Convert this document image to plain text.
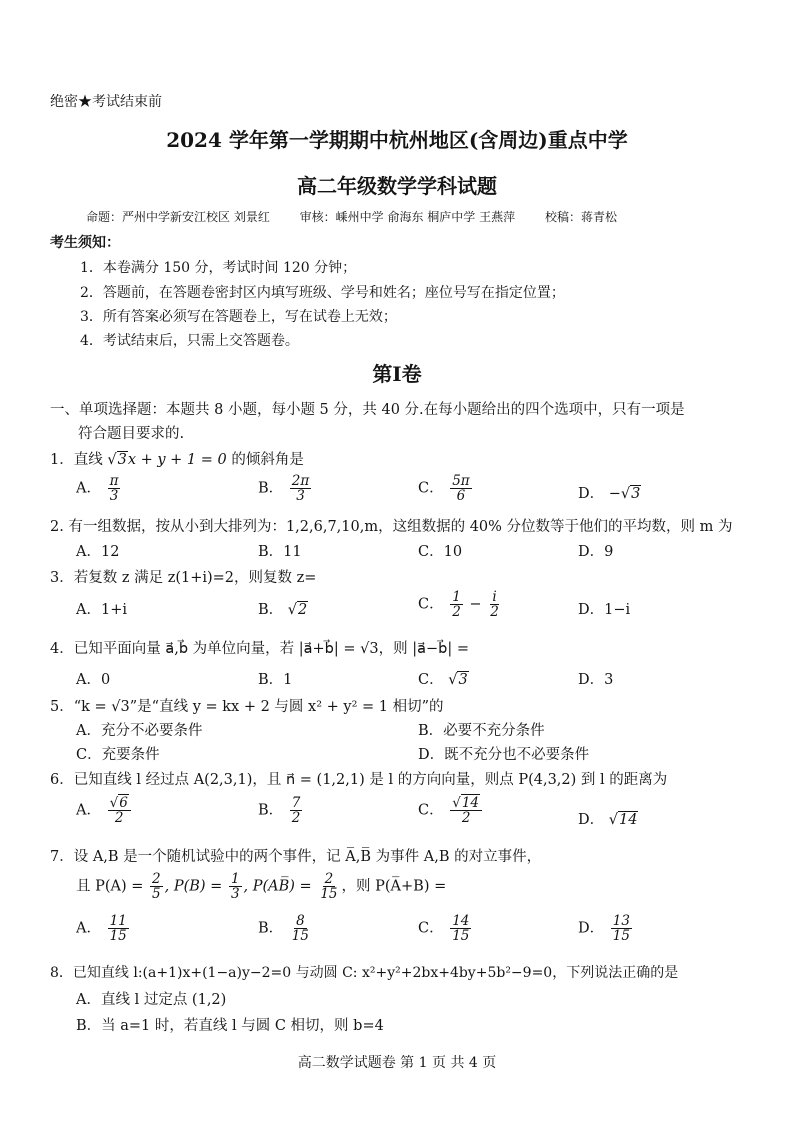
绝密★考试结束前
2024 学年第一学期期中杭州地区(含周边)重点中学
高二年级数学学科试题
命题：严州中学新安江校区 刘景红 审核：嵊州中学 俞海东 桐庐中学 王燕萍 校稿：蒋青松
考生须知：
1．本卷满分 150 分，考试时间 120 分钟；
2．答题前，在答题卷密封区内填写班级、学号和姓名；座位号写在指定位置；
3．所有答案必须写在答题卷上，写在试卷上无效；
4．考试结束后，只需上交答题卷。
第Ⅰ卷
一、单项选择题：本题共 8 小题，每小题 5 分，共 40 分.在每小题给出的四个选项中，只有一项是
符合题目要求的.
1．直线 √3x + y + 1 = 0 的倾斜角是
A． $\frac{\pi}{3}$	B． $\frac{2\pi}{3}$	C． $\frac{5\pi}{6}$	D． −√3
2. 有一组数据，按从小到大排列为：1,2,6,7,10,m，这组数据的 40% 分位数等于他们的平均数，则 m 为
A．12	B．11	C．10	D．9
3．若复数 z 满足 z(1+i)=2，则复数 z=
A．1+i	B． √2	C． $\frac{1}{2} - \frac{i}{2}$	D．1−i
4．已知平面向量 a⃗,b⃗ 为单位向量，若 |a⃗+b⃗| = √3，则 |a⃗−b⃗| =
A．0	B．1	C． √3	D．3
5．“k = √3”是“直线 y = kx + 2 与圆 x² + y² = 1 相切”的
A．充分不必要条件	B．必要不充分条件
C．充要条件	D．既不充分也不必要条件
6．已知直线 l 经过点 A(2,3,1)，且 n⃗ = (1,2,1) 是 l 的方向向量，则点 P(4,3,2) 到 l 的距离为
A． $\frac{√6}{2}$	B． $\frac{7}{2}$	C． $\frac{√14}{2}$	D． √14
7．设 A,B 是一个随机试验中的两个事件，记 A̅,B̅ 为事件 A,B 的对立事件，
且 $P(A) = \frac{2}{5}$ , $P(B) = \frac{1}{3}$ , P(AB̅) = $\frac{2}{15}$ ，则 P(A̅+B) =
A． $\frac{11}{15}$	B． $\frac{8}{15}$	C． $\frac{14}{15}$	D． $\frac{13}{15}$
8．已知直线 l:(a+1)x+(1−a)y−2=0 与动圆 C: x²+y²+2bx+4by+5b²−9=0，下列说法正确的是
A．直线 l 过定点 (1,2)
B．当 a=1 时，若直线 l 与圆 C 相切，则 b=4
高二数学试题卷 第 1 页 共 4 页
